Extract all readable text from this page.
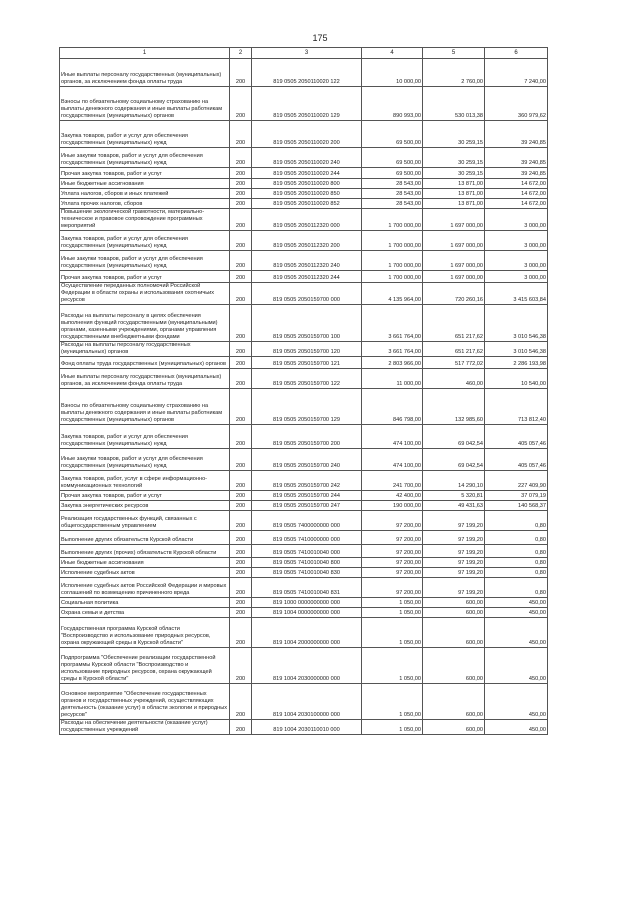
175
1	2	3	4	5	6
Иные выплаты персоналу государственных (муниципальных) органов, за исключением фонда оплаты труда	200	819 0505 2050110020 122	10 000,00	2 760,00	7 240,00
Взносы по обязательному социальному страхованию на выплаты денежного содержания и иные выплаты работникам государственных (муниципальных) органов	200	819 0505 2050110020 129	890 993,00	530 013,38	360 979,62
Закупка товаров, работ и услуг для обеспечения государственных (муниципальных) нужд	200	819 0505 2050110020 200	69 500,00	30 259,15	39 240,85
Иные закупки товаров, работ и услуг для обеспечения государственных (муниципальных) нужд	200	819 0505 2050110020 240	69 500,00	30 259,15	39 240,85
Прочая закупка товаров, работ и услуг	200	819 0505 2050110020 244	69 500,00	30 259,15	39 240,85
Иные бюджетные ассигнования	200	819 0505 2050110020 800	28 543,00	13 871,00	14 672,00
Уплата налогов, сборов и иных платежей	200	819 0505 2050110020 850	28 543,00	13 871,00	14 672,00
Уплата прочих налогов, сборов	200	819 0505 2050110020 852	28 543,00	13 871,00	14 672,00
Повышение экологической грамотности, материально-техническое и правовое сопровождение программных мероприятий	200	819 0505 2050112320 000	1 700 000,00	1 697 000,00	3 000,00
Закупка товаров, работ и услуг для обеспечения государственных (муниципальных) нужд	200	819 0505 2050112320 200	1 700 000,00	1 697 000,00	3 000,00
Иные закупки товаров, работ и услуг для обеспечения государственных (муниципальных) нужд	200	819 0505 2050112320 240	1 700 000,00	1 697 000,00	3 000,00
Прочая закупка товаров, работ и услуг	200	819 0505 2050112320 244	1 700 000,00	1 697 000,00	3 000,00
Осуществление переданных полномочий Российской Федерации в области охраны и использования охотничьих ресурсов	200	819 0505 2050159700 000	4 135 964,00	720 260,16	3 415 603,84
Расходы на выплаты персоналу в целях обеспечения выполнения функций государственными (муниципальными) органами, казенными учреждениями, органами управления государственными внебюджетными фондами	200	819 0505 2050159700 100	3 661 764,00	651 217,62	3 010 546,38
Расходы на выплаты персоналу государственных (муниципальных) органов	200	819 0505 2050159700 120	3 661 764,00	651 217,62	3 010 546,38
Фонд оплаты труда государственных (муниципальных) органов	200	819 0505 2050159700 121	2 803 966,00	517 772,02	2 286 193,98
Иные выплаты персоналу государственных (муниципальных) органов, за исключением фонда оплаты труда	200	819 0505 2050159700 122	11 000,00	460,00	10 540,00
Взносы по обязательному социальному страхованию на выплаты денежного содержания и иные выплаты работникам государственных (муниципальных) органов	200	819 0505 2050159700 129	846 798,00	132 985,60	713 812,40
Закупка товаров, работ и услуг для обеспечения государственных (муниципальных) нужд	200	819 0505 2050159700 200	474 100,00	69 042,54	405 057,46
Иные закупки товаров, работ и услуг для обеспечения государственных (муниципальных) нужд	200	819 0505 2050159700 240	474 100,00	69 042,54	405 057,46
Закупка товаров, работ, услуг в сфере информационно-коммуникационных технологий	200	819 0505 2050159700 242	241 700,00	14 290,10	227 409,90
Прочая закупка товаров, работ и услуг	200	819 0505 2050159700 244	42 400,00	5 320,81	37 079,19
Закупка энергетических ресурсов	200	819 0505 2050159700 247	190 000,00	49 431,63	140 568,37
Реализация государственных функций, связанных с общегосударственным управлением	200	819 0505 7400000000 000	97 200,00	97 199,20	0,80
Выполнение других обязательств Курской области	200	819 0505 7410000000 000	97 200,00	97 199,20	0,80
Выполнение других (прочих) обязательств Курской области	200	819 0505 7410010040 000	97 200,00	97 199,20	0,80
Иные бюджетные ассигнования	200	819 0505 7410010040 800	97 200,00	97 199,20	0,80
Исполнение судебных актов	200	819 0505 7410010040 830	97 200,00	97 199,20	0,80
Исполнение судебных актов Российской Федерации и мировых соглашений по возмещению причиненного вреда	200	819 0505 7410010040 831	97 200,00	97 199,20	0,80
Социальная политика	200	819 1000 0000000000 000	1 050,00	600,00	450,00
Охрана семьи и детства	200	819 1004 0000000000 000	1 050,00	600,00	450,00
Государственная программа Курской области "Воспроизводство и использование природных ресурсов, охрана окружающей среды в Курской области"	200	819 1004 2000000000 000	1 050,00	600,00	450,00
Подпрограмма "Обеспечение реализации государственной программы Курской области "Воспроизводство и использование природных ресурсов, охрана окружающей среды в Курской области"	200	819 1004 2030000000 000	1 050,00	600,00	450,00
Основное мероприятие "Обеспечение государственных органов и государственных учреждений, осуществляющих деятельность (оказание услуг) в области экологии и природных ресурсов"	200	819 1004 2030100000 000	1 050,00	600,00	450,00
Расходы на обеспечение деятельности (оказание услуг) государственных учреждений	200	819 1004 2030110010 000	1 050,00	600,00	450,00
